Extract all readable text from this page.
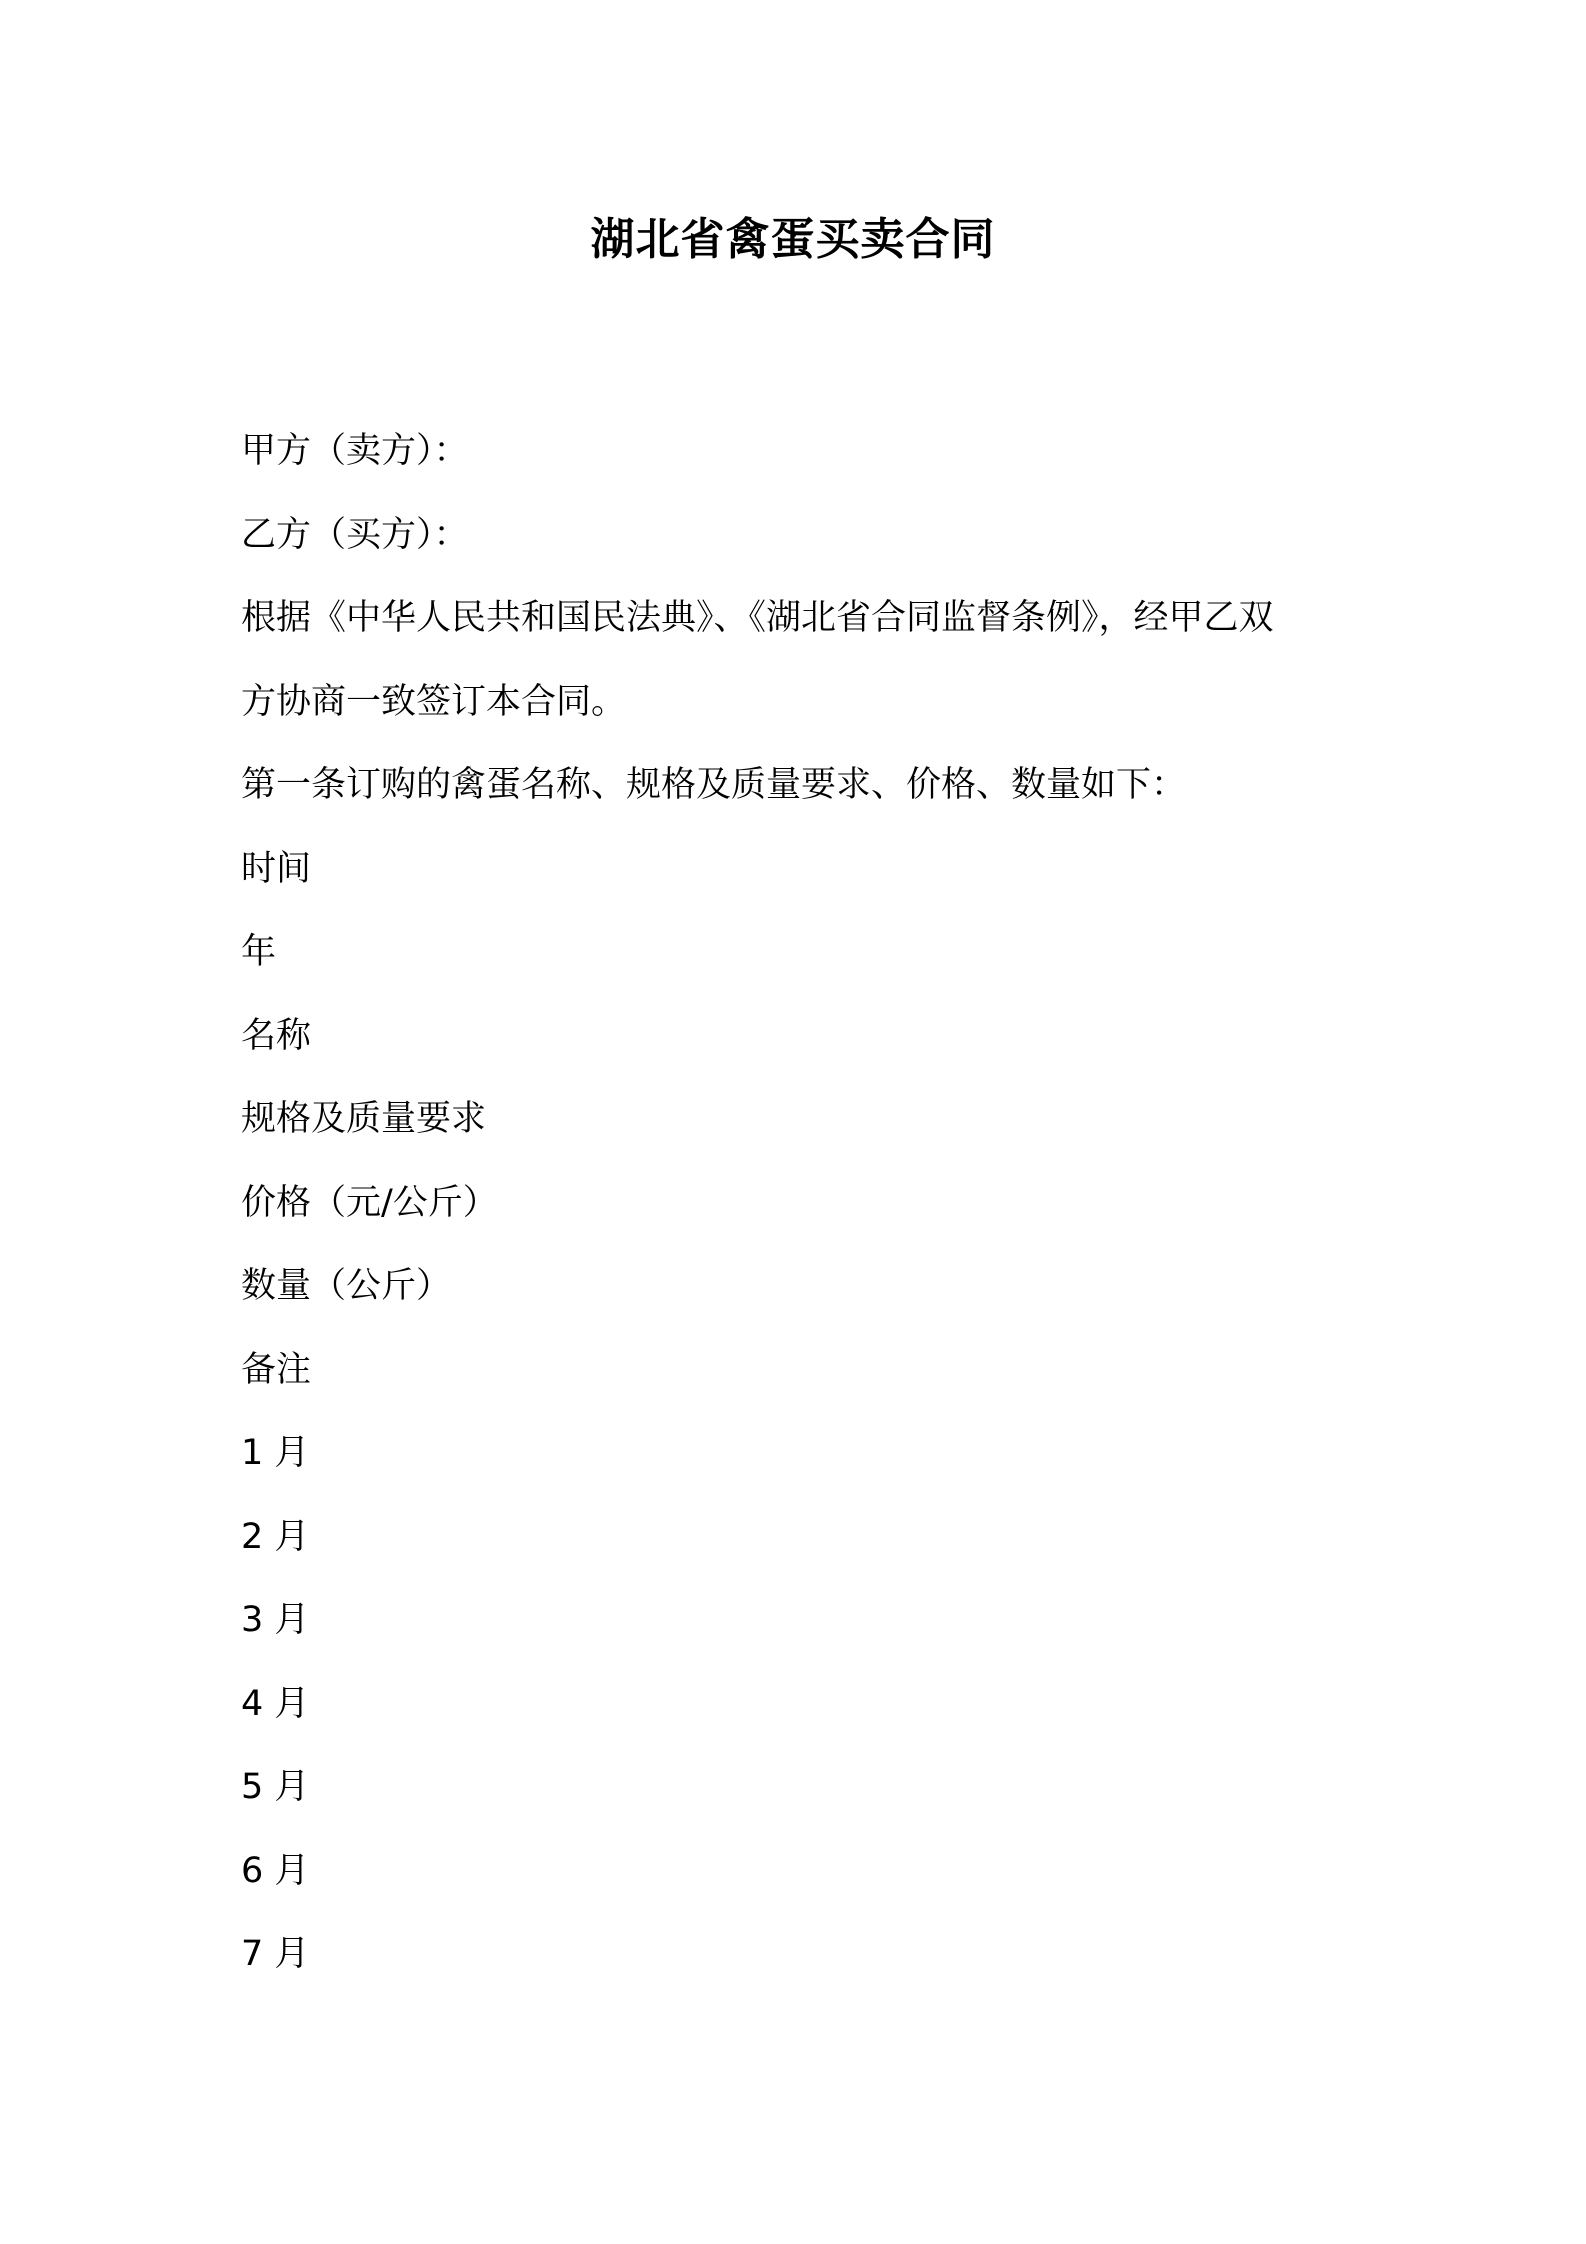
湖北省禽蛋买卖合同
甲方（卖方）：
乙方（买方）：
根据《中华人民共和国民法典》、《湖北省合同监督条例》，经甲乙双
方协商一致签订本合同。
第一条订购的禽蛋名称、规格及质量要求、价格、数量如下：
时间
年
名称
规格及质量要求
价格（元/公斤）
数量（公斤）
备注
1 月
2 月
3 月
4 月
5 月
6 月
7 月
